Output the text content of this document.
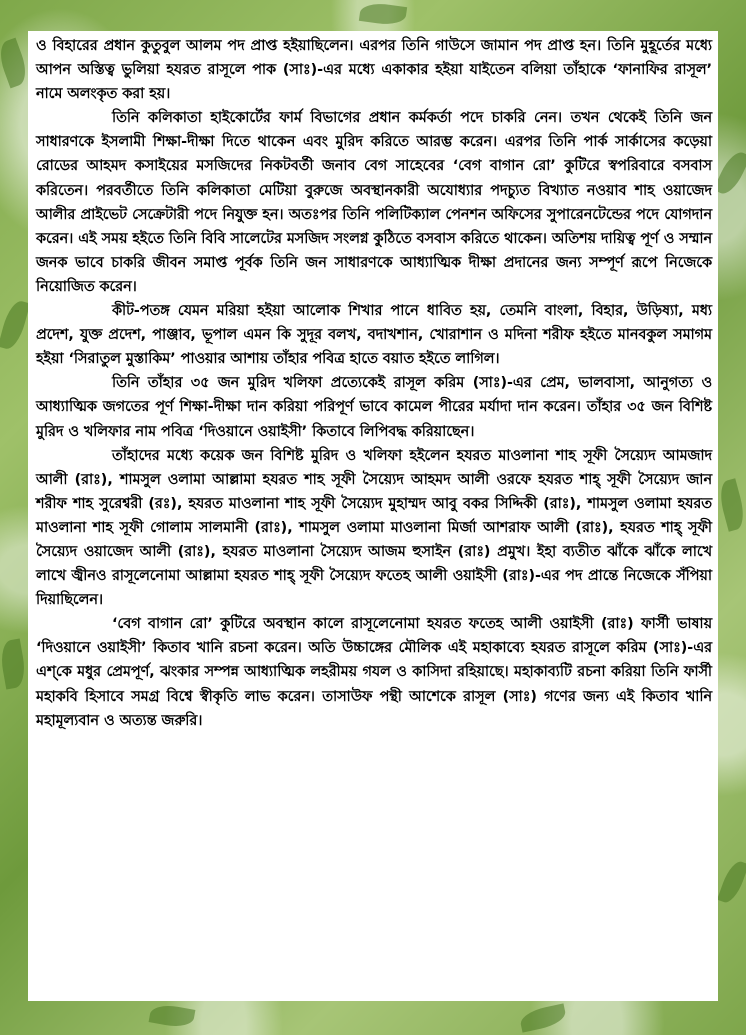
ও বিহারের প্রধান কুতুবুল আলম পদ প্রাপ্ত হইয়াছিলেন। এরপর তিনি গাউসে জামান পদ প্রাপ্ত হন। তিনি মুহূর্তের মধ্যে আপন অস্তিত্ব ভুলিয়া হযরত রাসূলে পাক (সাঃ)-এর মধ্যে একাকার হইয়া যাইতেন বলিয়া তাঁহাকে ‘ফানাফির রাসূল’ নামে অলংকৃত করা হয়।

তিনি কলিকাতা হাইকোর্টের ফার্ম বিভাগের প্রধান কর্মকর্তা পদে চাকরি নেন। তখন থেকেই তিনি জন সাধারণকে ইসলামী শিক্ষা-দীক্ষা দিতে থাকেন এবং মুরিদ করিতে আরম্ভ করেন। এরপর তিনি পার্ক সার্কাসের কড়েয়া রোডের আহমদ কসাইয়ের মসজিদের নিকটবর্তী জনাব বেগ সাহেবের ‘বেগ বাগান রো’ কুটিরে স্বপরিবারে বসবাস করিতেন। পরবর্তীতে তিনি কলিকাতা মেটিয়া বুরুজে অবস্থানকারী অযোধ্যার পদচ্যুত বিখ্যাত নওয়াব শাহ ওয়াজেদ আলীর প্রাইভেট সেক্রেটারী পদে নিযুক্ত হন। অতঃপর তিনি পলিটিক্যাল পেনশন অফিসের সুপারেনটেন্ডের পদে যোগদান করেন। এই সময় হইতে তিনি বিবি সালেটের মসজিদ সংলগ্ন কুঠিতে বসবাস করিতে থাকেন। অতিশয় দায়িত্ব পূর্ণ ও সম্মান জনক ভাবে চাকরি জীবন সমাপ্ত পূর্বক তিনি জন সাধারণকে আধ্যাত্মিক দীক্ষা প্রদানের জন্য সম্পূর্ণ রূপে নিজেকে নিয়োজিত করেন।

কীট-পতঙ্গ যেমন মরিয়া হইয়া আলোক শিখার পানে ধাবিত হয়, তেমনি বাংলা, বিহার, উড়িষ্যা, মধ্য প্রদেশ, যুক্ত প্রদেশ, পাঞ্জাব, ভূপাল এমন কি সুদূর বলখ, বদাখশান, খোরাশান ও মদিনা শরীফ হইতে মানবকুল সমাগম হইয়া ‘সিরাতুল মুস্তাকিম’ পাওয়ার আশায় তাঁহার পবিত্র হাতে বয়াত হইতে লাগিল।

তিনি তাঁহার ৩৫ জন মুরিদ খলিফা প্রত্যেকেই রাসূল করিম (সাঃ)-এর প্রেম, ভালবাসা, আনুগত্য ও আধ্যাত্মিক জগতের পূর্ণ শিক্ষা-দীক্ষা দান করিয়া পরিপূর্ণ ভাবে কামেল পীরের মর্যাদা দান করেন। তাঁহার ৩৫ জন বিশিষ্ট মুরিদ ও খলিফার নাম পবিত্র ‘দিওয়ানে ওয়াইসী’ কিতাবে লিপিবদ্ধ করিয়াছেন।

তাঁহাদের মধ্যে কয়েক জন বিশিষ্ট মুরিদ ও খলিফা হইলেন হযরত মাওলানা শাহ সূফী সৈয়্যেদ আমজাদ আলী (রাঃ), শামসুল ওলামা আল্লামা হযরত শাহ সূফী সৈয়্যেদ আহমদ আলী ওরফে হযরত শাহ্ সূফী সৈয়্যেদ জান শরীফ শাহ সুরেশ্বরী (রঃ), হযরত মাওলানা শাহ সূফী সৈয়্যেদ মুহাম্মদ আবু বকর সিদ্দিকী (রাঃ), শামসুল ওলামা হযরত মাওলানা শাহ সূফী গোলাম সালমানী (রাঃ), শামসুল ওলামা মাওলানা মির্জা আশরাফ আলী (রাঃ), হযরত শাহ্ সূফী সৈয়্যেদ ওয়াজেদ আলী (রাঃ), হযরত মাওলানা সৈয়্যেদ আজম হুসাইন (রাঃ) প্রমুখ। ইহা ব্যতীত ঝাঁকে ঝাঁকে লাখে লাখে জ্বীনও রাসূলেনোমা আল্লামা হযরত শাহ্ সূফী সৈয়্যেদ ফতেহ আলী ওয়াইসী (রাঃ)-এর পদ প্রান্তে নিজেকে সঁপিয়া দিয়াছিলেন।

‘বেগ বাগান রো’ কুটিরে অবস্থান কালে রাসূলেনোমা হযরত ফতেহ আলী ওয়াইসী (রাঃ) ফার্সী ভাষায় ‘দিওয়ানে ওয়াইসী’ কিতাব খানি রচনা করেন। অতি উচ্চাঙ্গের মৌলিক এই মহাকাব্যে হযরত রাসূলে করিম (সাঃ)-এর এশ্‌কে মধুর প্রেমপূর্ণ, ঝংকার সম্পন্ন আধ্যাত্মিক লহরীময় গযল ও কাসিদা রহিয়াছে। মহাকাব্যটি রচনা করিয়া তিনি ফার্সী মহাকবি হিসাবে সমগ্র বিশ্বে স্বীকৃতি লাভ করেন। তাসাউফ পন্থী আশেকে রাসূল (সাঃ) গণের জন্য এই কিতাব খানি মহামূল্যবান ও অত্যন্ত জরুরি।
